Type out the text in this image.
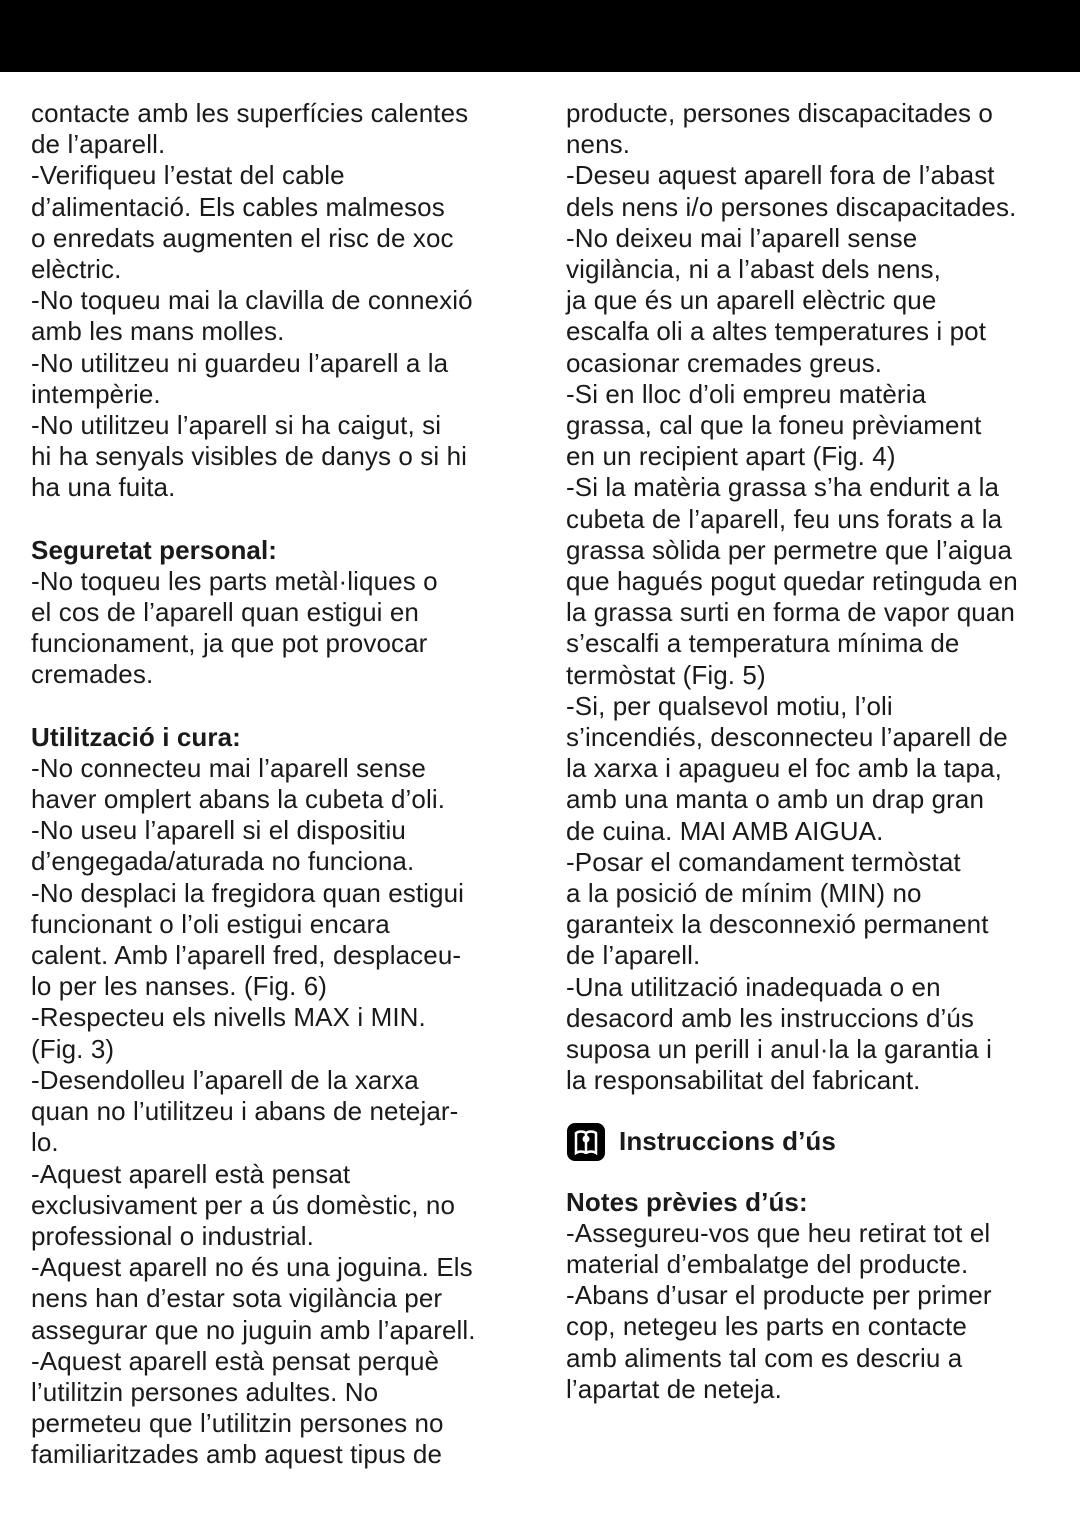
contacte amb les superfícies calentes
de l’aparell.
-Verifiqueu l’estat del cable
d’alimentació. Els cables malmesos
o enredats augmenten el risc de xoc
elèctric.
-No toqueu mai la clavilla de connexió
amb les mans molles.
-No utilitzeu ni guardeu l’aparell a la
intempèrie.
-No utilitzeu l’aparell si ha caigut, si
hi ha senyals visibles de danys o si hi
ha una fuita.
Seguretat personal:
-No toqueu les parts metàl·liques o
el cos de l’aparell quan estigui en
funcionament, ja que pot provocar
cremades.
Utilització i cura:
-No connecteu mai l’aparell sense
haver omplert abans la cubeta d’oli.
-No useu l’aparell si el dispositiu
d’engegada/aturada no funciona.
-No desplaci la fregidora quan estigui
funcionant o l’oli estigui encara
calent. Amb l’aparell fred, desplaceu-
lo per les nanses. (Fig. 6)
-Respecteu els nivells MAX i MIN.
(Fig. 3)
-Desendolleu l’aparell de la xarxa
quan no l’utilitzeu i abans de netejar-
lo.
-Aquest aparell està pensat
exclusivament per a ús domèstic, no
professional o industrial.
-Aquest aparell no és una joguina. Els
nens han d’estar sota vigilància per
assegurar que no juguin amb l’aparell.
-Aquest aparell està pensat perquè
l’utilitzin persones adultes. No
permeteu que l’utilitzin persones no
familiaritzades amb aquest tipus de
producte, persones discapacitades o
nens.
-Deseu aquest aparell fora de l’abast
dels nens i/o persones discapacitades.
-No deixeu mai l’aparell sense
vigilància, ni a l’abast dels nens,
ja que és un aparell elèctric que
escalfa oli a altes temperatures i pot
ocasionar cremades greus.
-Si en lloc d’oli empreu matèria
grassa, cal que la foneu prèviament
en un recipient apart (Fig. 4)
-Si la matèria grassa s’ha endurit a la
cubeta de l’aparell, feu uns forats a la
grassa sòlida per permetre que l’aigua
que hagués pogut quedar retinguda en
la grassa surti en forma de vapor quan
s’escalfi a temperatura mínima de
termòstat (Fig. 5)
-Si, per qualsevol motiu, l’oli
s’incendiés, desconnecteu l’aparell de
la xarxa i apagueu el foc amb la tapa,
amb una manta o amb un drap gran
de cuina. MAI AMB AIGUA.
-Posar el comandament termòstat
a la posició de mínim (MIN) no
garanteix la desconnexió permanent
de l’aparell.
-Una utilització inadequada o en
desacord amb les instruccions d’ús
suposa un perill i anul·la la garantia i
la responsabilitat del fabricant.
Instruccions d’ús
Notes prèvies d’ús:
-Assegureu-vos que heu retirat tot el
material d’embalatge del producte.
-Abans d’usar el producte per primer
cop, netegeu les parts en contacte
amb aliments tal com es descriu a
l’apartat de neteja.
